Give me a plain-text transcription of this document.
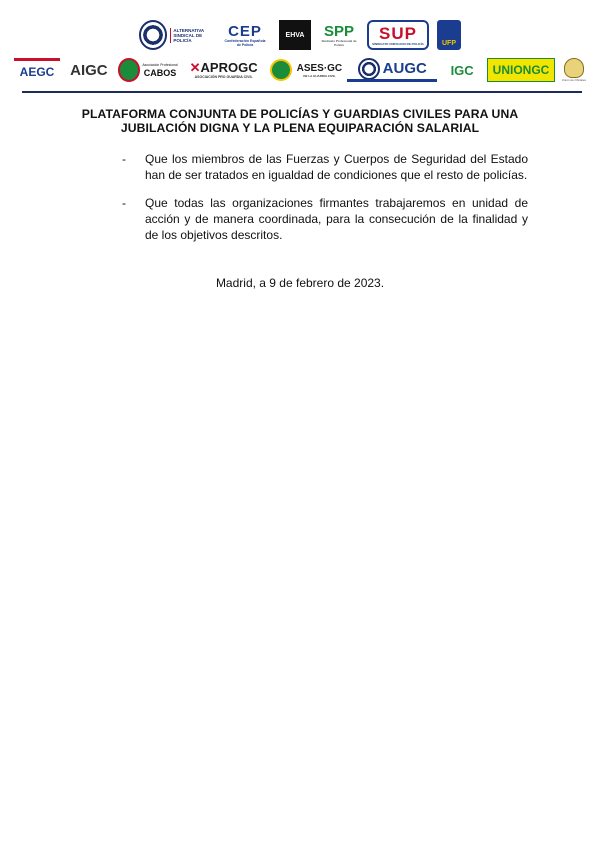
ALTERNATIVA SINDICAL DE POLICÍA
CEP
Confederación Española de Policía
EHVA SPP
Sindicato Profesional de Policía
SUP
SINDICATO UNIFICADO DE POLICÍA	UFP
AEGC AIGC	Asociación Profesional
CABOS ✕APROGC
ASOCIACIÓN PRO GUARDIA CIVIL
ASES·GC
DE LA GUARDIA CIVIL	AUGC IGC UNIONGC
Unión de Oficiales
PLATAFORMA CONJUNTA DE POLICÍAS Y GUARDIAS CIVILES PARA UNA
JUBILACIÓN DIGNA Y LA PLENA EQUIPARACIÓN SALARIAL
- Que los miembros de las Fuerzas y Cuerpos de Seguridad del Estado han de ser tratados en igualdad de condiciones que el resto de policías.
- Que todas las organizaciones firmantes trabajaremos en unidad de acción y de manera coordinada, para la consecución de la finalidad y de los objetivos descritos.
Madrid, a 9 de febrero de 2023.
